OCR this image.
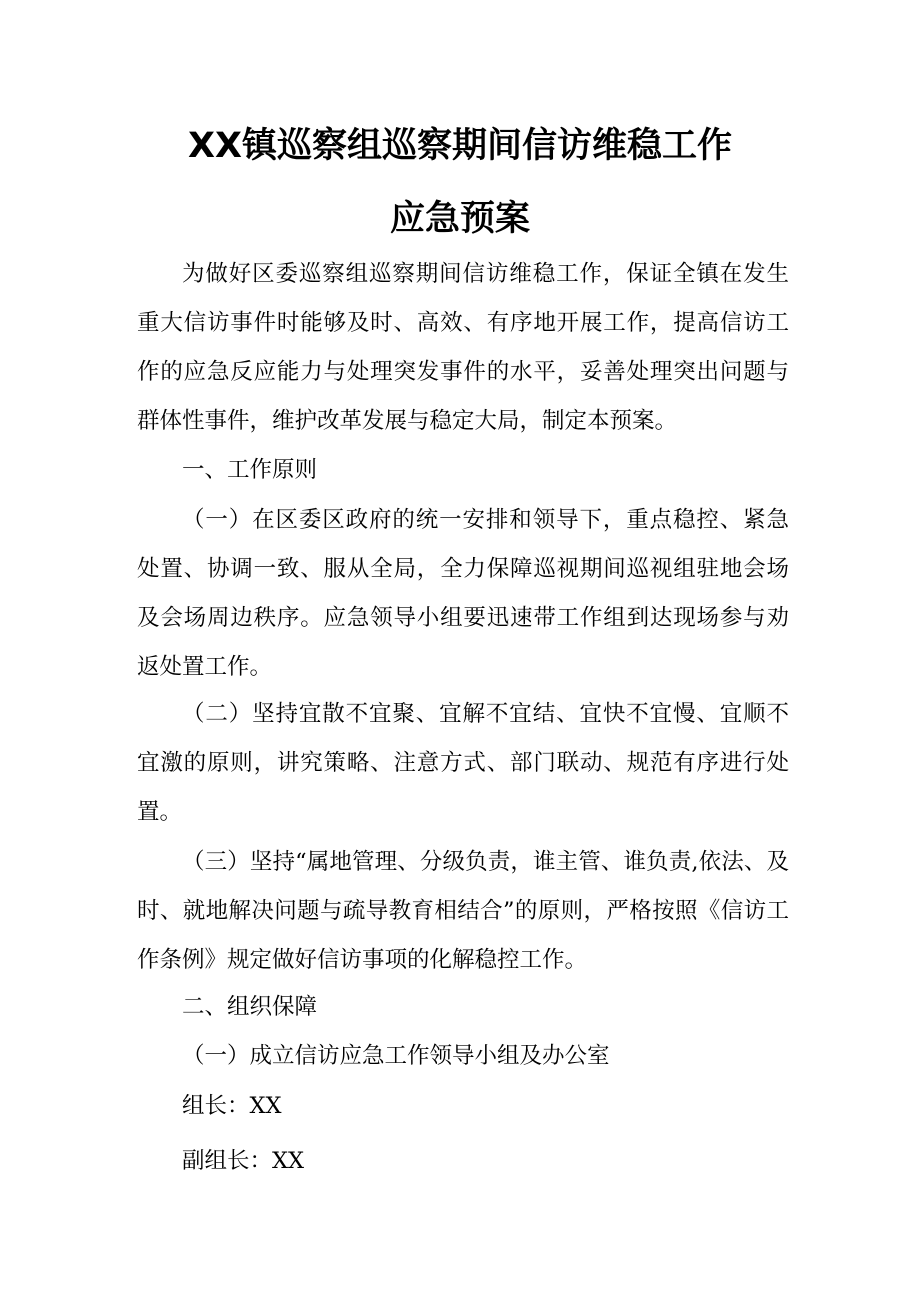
XX镇巡察组巡察期间信访维稳工作
应急预案

为做好区委巡察组巡察期间信访维稳工作，保证全镇在发生重大信访事件时能够及时、高效、有序地开展工作，提高信访工作的应急反应能力与处理突发事件的水平，妥善处理突出问题与群体性事件，维护改革发展与稳定大局，制定本预案。

一、工作原则

（一）在区委区政府的统一安排和领导下，重点稳控、紧急处置、协调一致、服从全局，全力保障巡视期间巡视组驻地会场及会场周边秩序。应急领导小组要迅速带工作组到达现场参与劝返处置工作。

（二）坚持宜散不宜聚、宜解不宜结、宜快不宜慢、宜顺不宜激的原则，讲究策略、注意方式、部门联动、规范有序进行处置。

（三）坚持“属地管理、分级负责，谁主管、谁负责,依法、及时、就地解决问题与疏导教育相结合”的原则，严格按照《信访工作条例》规定做好信访事项的化解稳控工作。

二、组织保障

（一）成立信访应急工作领导小组及办公室

组长：XX

副组长：XX
